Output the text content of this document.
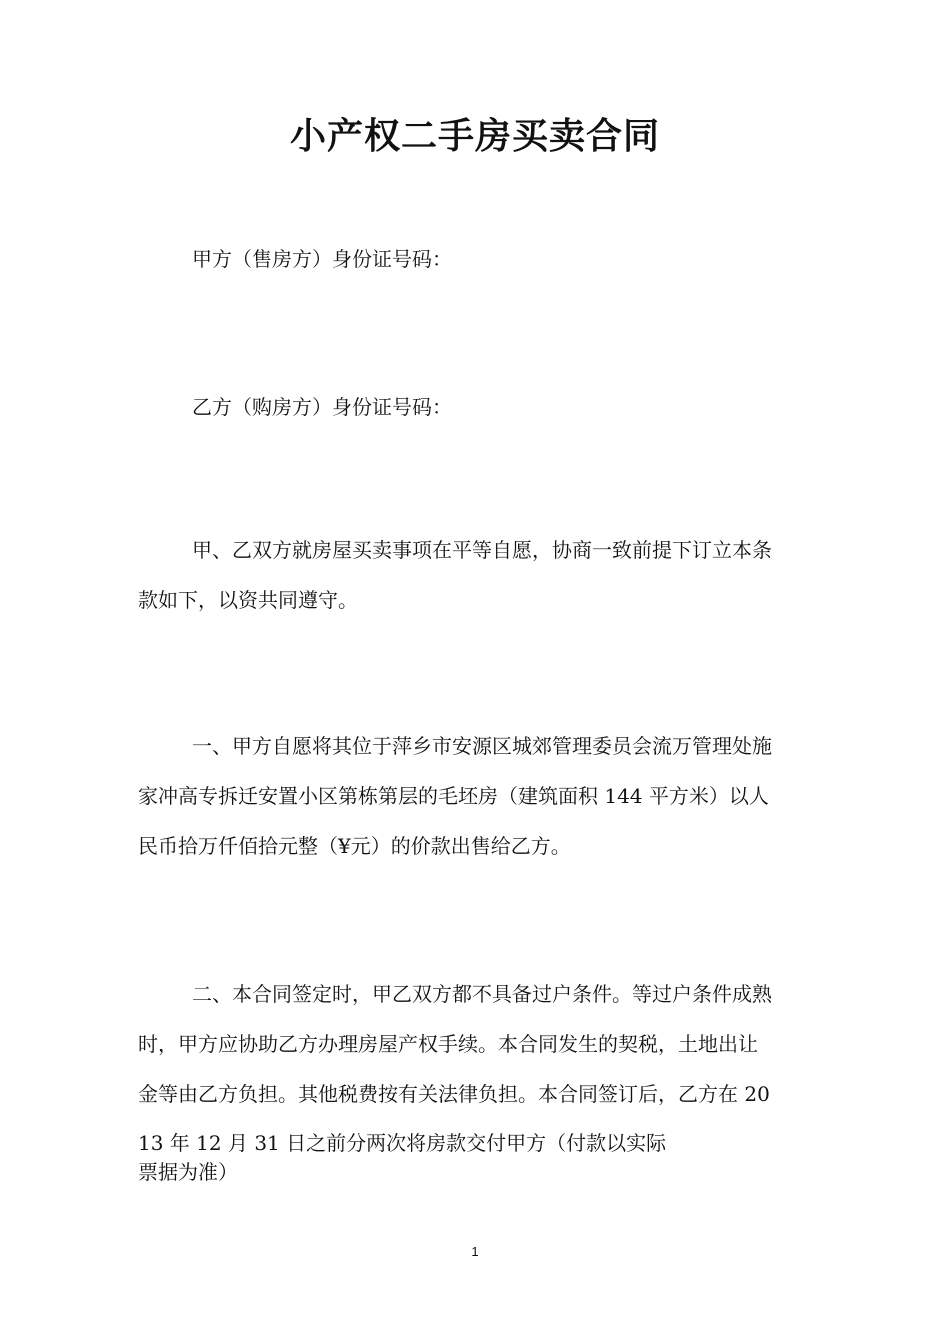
小产权二手房买卖合同
甲方（售房方）身份证号码：
乙方（购房方）身份证号码：
甲、乙双方就房屋买卖事项在平等自愿，协商一致前提下订立本条
款如下，以资共同遵守。
一、甲方自愿将其位于萍乡市安源区城郊管理委员会流万管理处施
家冲高专拆迁安置小区第栋第层的毛坯房（建筑面积 144 平方米）以人
民币拾万仟佰拾元整（¥元）的价款出售给乙方。
二、本合同签定时，甲乙双方都不具备过户条件。等过户条件成熟
时，甲方应协助乙方办理房屋产权手续。本合同发生的契税，土地出让
金等由乙方负担。其他税费按有关法律负担。本合同签订后，乙方在 20
13 年 12 月 31 日之前分两次将房款交付甲方（付款以实际
票据为准）
1
